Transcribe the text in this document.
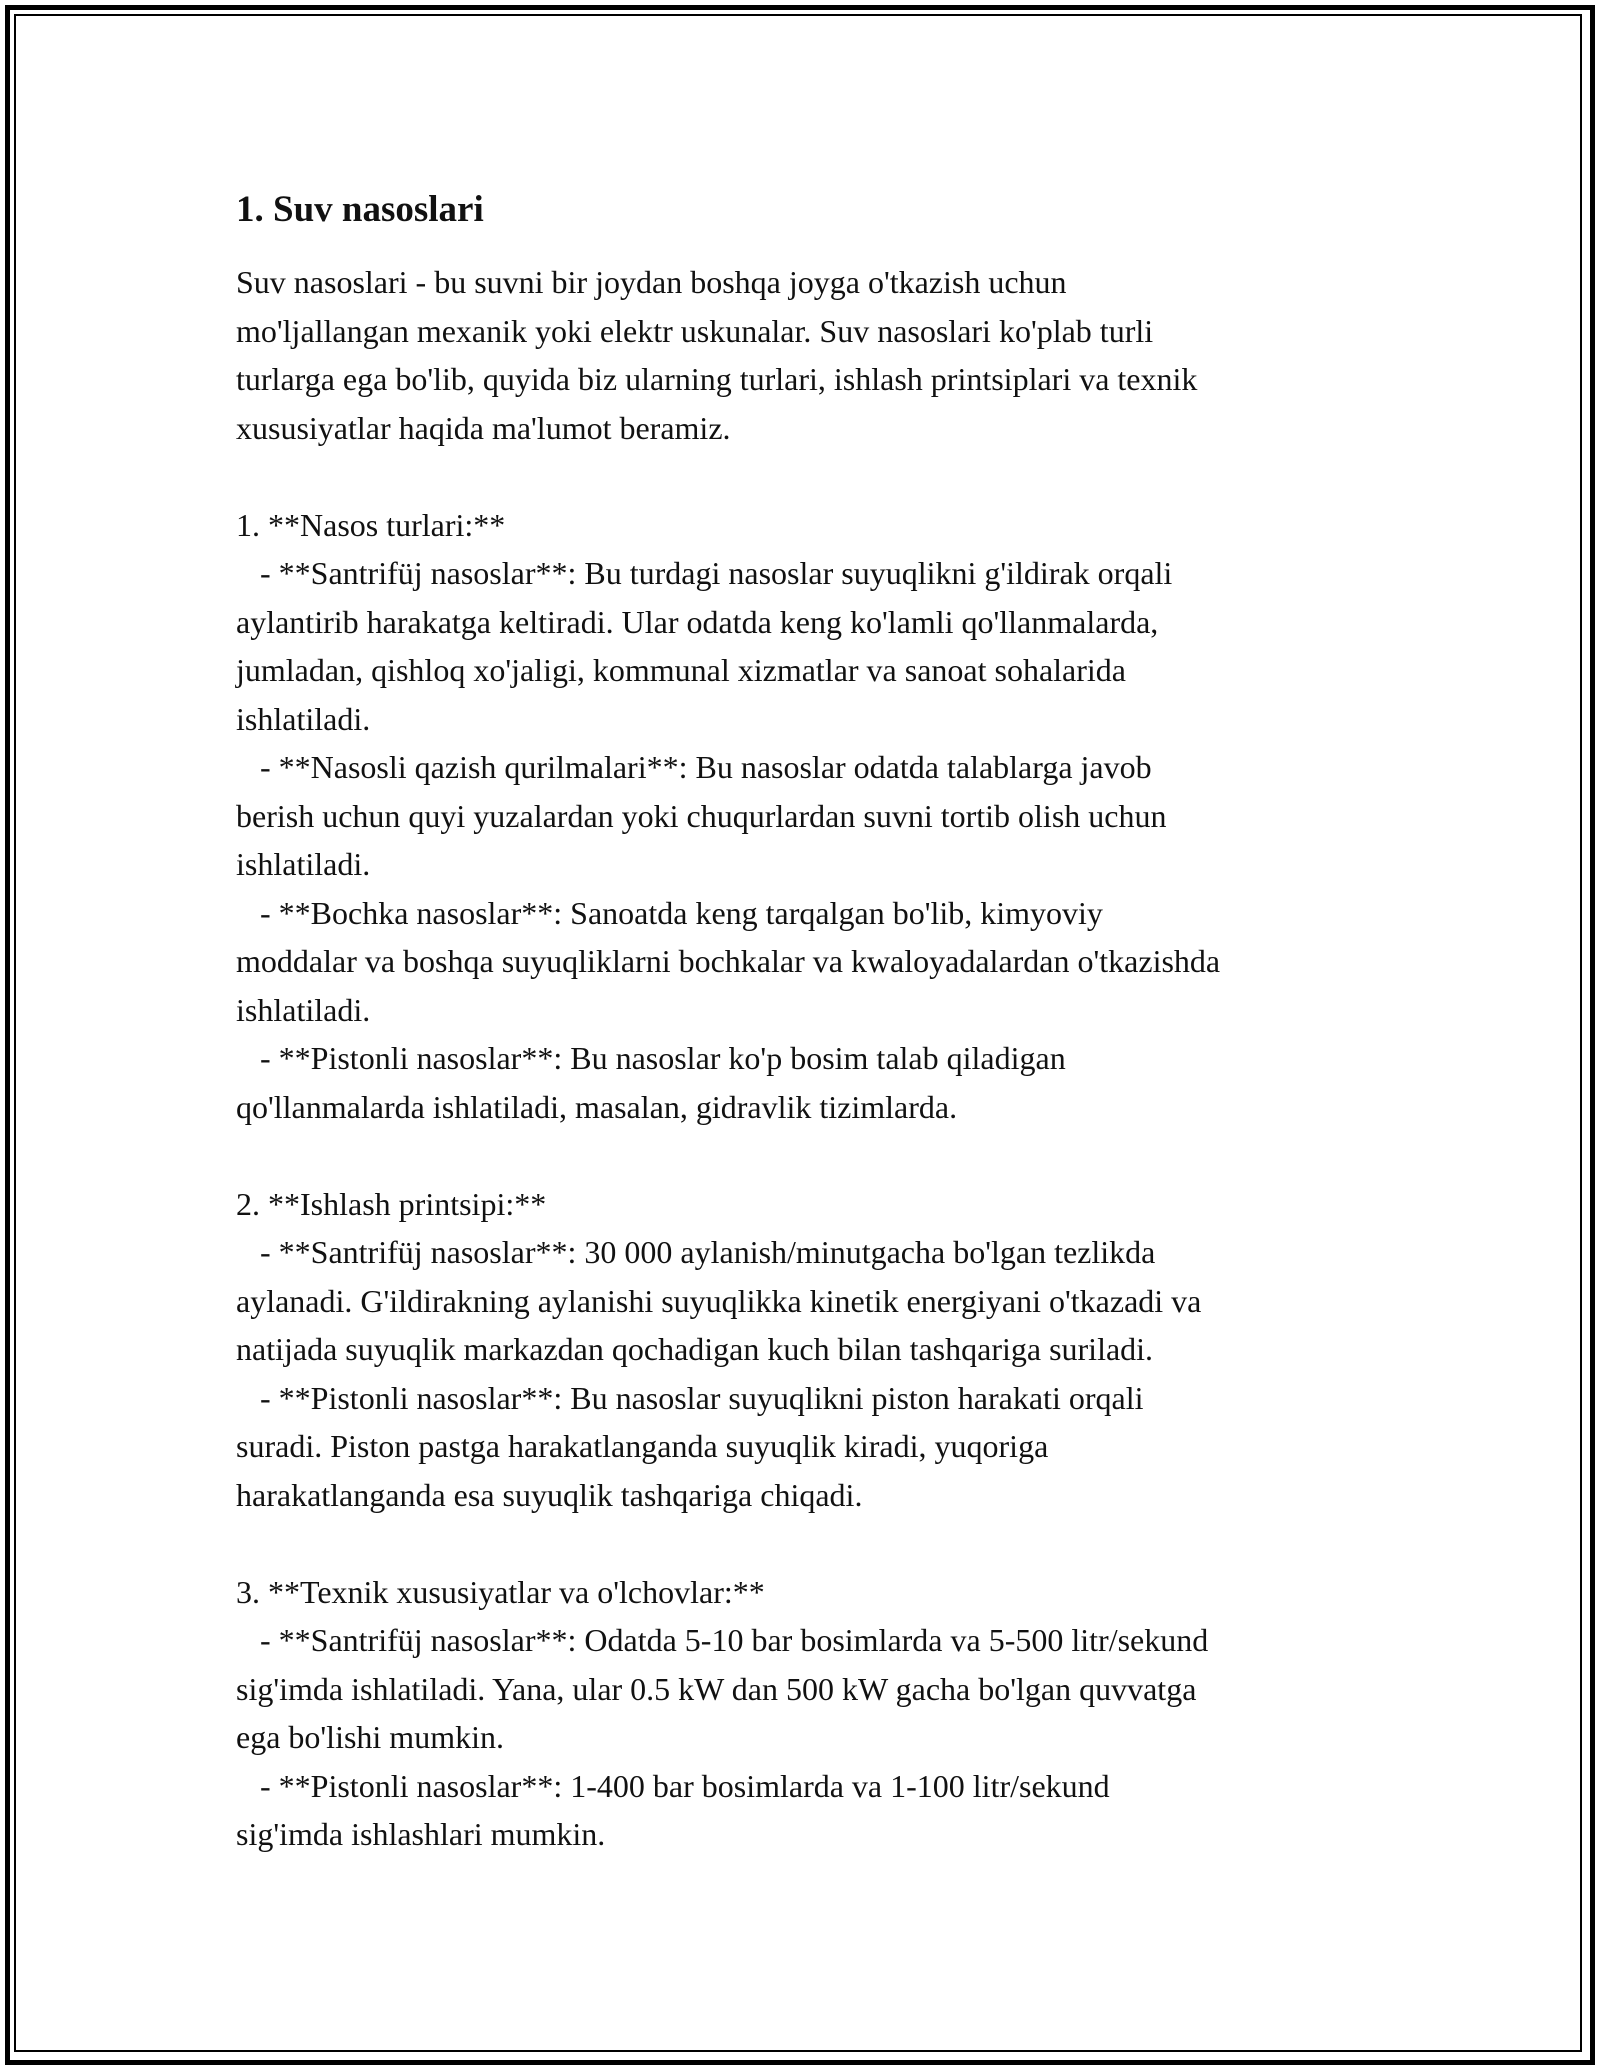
1. Suv nasoslari

Suv nasoslari - bu suvni bir joydan boshqa joyga o'tkazish uchun
mo'ljallangan mexanik yoki elektr uskunalar. Suv nasoslari ko'plab turli
turlarga ega bo'lib, quyida biz ularning turlari, ishlash printsiplari va texnik
xususiyatlar haqida ma'lumot beramiz.

1. **Nasos turlari:**
- **Santrifüj nasoslar**: Bu turdagi nasoslar suyuqlikni g'ildirak orqali
aylantirib harakatga keltiradi. Ular odatda keng ko'lamli qo'llanmalarda,
jumladan, qishloq xo'jaligi, kommunal xizmatlar va sanoat sohalarida
ishlatiladi.
- **Nasosli qazish qurilmalari**: Bu nasoslar odatda talablarga javob
berish uchun quyi yuzalardan yoki chuqurlardan suvni tortib olish uchun
ishlatiladi.
- **Bochka nasoslar**: Sanoatda keng tarqalgan bo'lib, kimyoviy
moddalar va boshqa suyuqliklarni bochkalar va kwaloyadalardan o'tkazishda
ishlatiladi.
- **Pistonli nasoslar**: Bu nasoslar ko'p bosim talab qiladigan
qo'llanmalarda ishlatiladi, masalan, gidravlik tizimlarda.

2. **Ishlash printsipi:**
- **Santrifüj nasoslar**: 30 000 aylanish/minutgacha bo'lgan tezlikda
aylanadi. G'ildirakning aylanishi suyuqlikka kinetik energiyani o'tkazadi va
natijada suyuqlik markazdan qochadigan kuch bilan tashqariga suriladi.
- **Pistonli nasoslar**: Bu nasoslar suyuqlikni piston harakati orqali
suradi. Piston pastga harakatlanganda suyuqlik kiradi, yuqoriga
harakatlanganda esa suyuqlik tashqariga chiqadi.

3. **Texnik xususiyatlar va o'lchovlar:**
- **Santrifüj nasoslar**: Odatda 5-10 bar bosimlarda va 5-500 litr/sekund
sig'imda ishlatiladi. Yana, ular 0.5 kW dan 500 kW gacha bo'lgan quvvatga
ega bo'lishi mumkin.
- **Pistonli nasoslar**: 1-400 bar bosimlarda va 1-100 litr/sekund
sig'imda ishlashlari mumkin.
